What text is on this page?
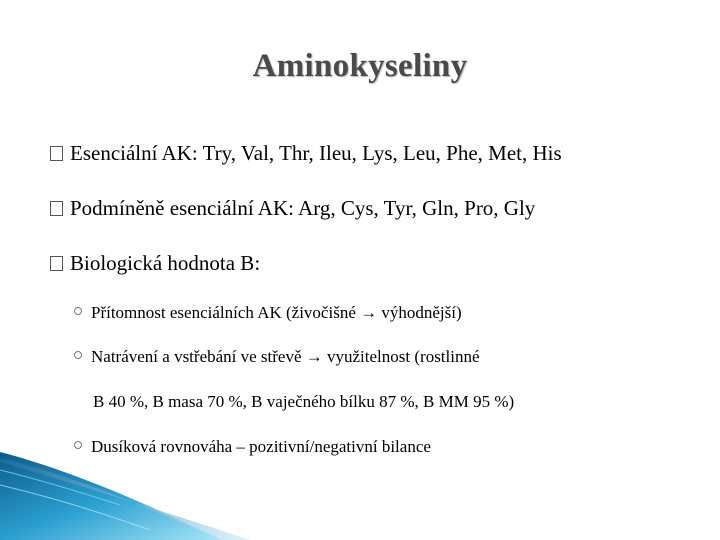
Aminokyseliny
Esenciální AK: Try, Val, Thr, Ileu, Lys, Leu, Phe, Met, His
Podmíněně esenciální AK: Arg, Cys, Tyr, Gln, Pro, Gly
Biologická hodnota B:
Přítomnost esenciálních AK (živočišné → výhodnější)
Natrávení a vstřebání ve střevě → využitelnost (rostlinné
B 40 %, B masa 70 %, B vaječného bílku 87 %, B MM 95 %)
Dusíková rovnováha – pozitivní/negativní bilance
